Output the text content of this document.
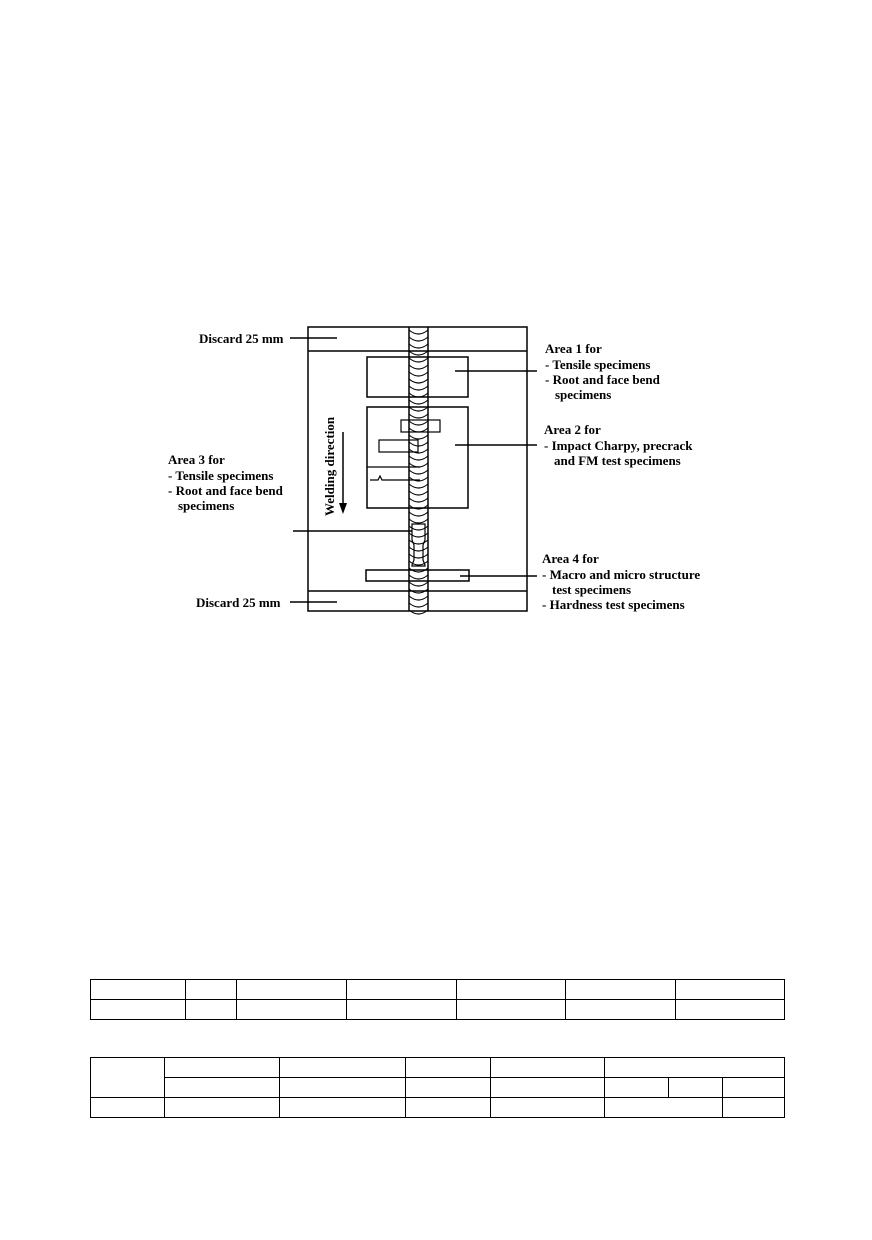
Welding direction
Discard 25 mm
Discard 25 mm
Area 1 for - Tensile specimens - Root and face bend specimens
Area 2 for - Impact Charpy, precrack and FM test specimens
Area 3 for - Tensile specimens - Root and face bend specimens
Area 4 for - Macro and micro structure test specimens - Hardness test specimens
